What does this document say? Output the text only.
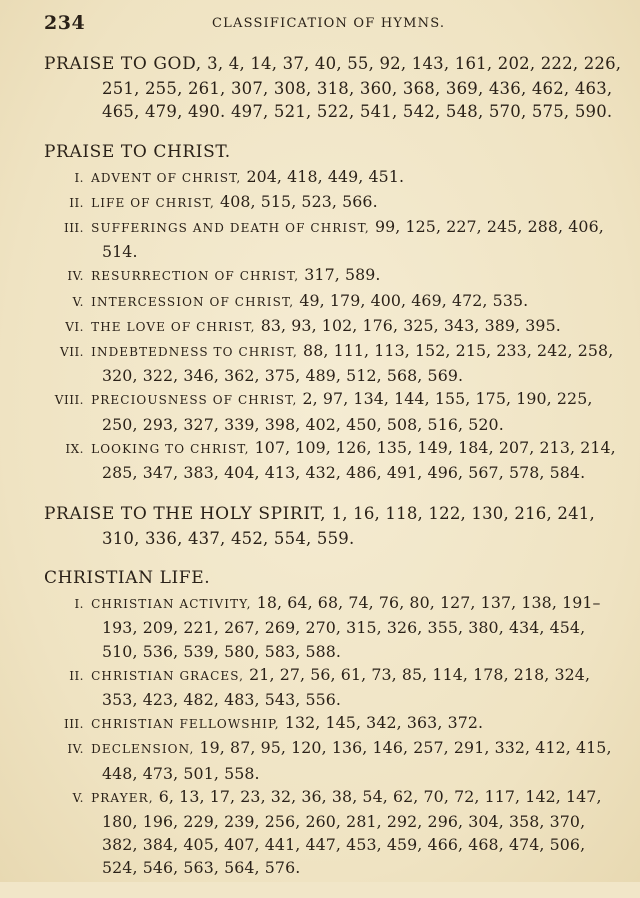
234	CLASSIFICATION OF HYMNS.
PRAISE TO GOD, 3, 4, 14, 37, 40, 55, 92, 143, 161, 202, 222, 226, 251, 255, 261, 307, 308, 318, 360, 368, 369, 436, 462, 463, 465, 479, 490. 497, 521, 522, 541, 542, 548, 570, 575, 590.
PRAISE TO CHRIST.
I. ADVENT OF CHRIST, 204, 418, 449, 451.
II. LIFE OF CHRIST, 408, 515, 523, 566.
III. SUFFERINGS AND DEATH OF CHRIST, 99, 125, 227, 245, 288, 406, 514.
IV. RESURRECTION OF CHRIST, 317, 589.
V. INTERCESSION OF CHRIST, 49, 179, 400, 469, 472, 535.
VI. THE LOVE OF CHRIST, 83, 93, 102, 176, 325, 343, 389, 395.
VII. INDEBTEDNESS TO CHRIST, 88, 111, 113, 152, 215, 233, 242, 258, 320, 322, 346, 362, 375, 489, 512, 568, 569.
VIII. PRECIOUSNESS OF CHRIST, 2, 97, 134, 144, 155, 175, 190, 225, 250, 293, 327, 339, 398, 402, 450, 508, 516, 520.
IX. LOOKING TO CHRIST, 107, 109, 126, 135, 149, 184, 207, 213, 214, 285, 347, 383, 404, 413, 432, 486, 491, 496, 567, 578, 584.
PRAISE TO THE HOLY SPIRIT, 1, 16, 118, 122, 130, 216, 241, 310, 336, 437, 452, 554, 559.
CHRISTIAN LIFE.
I. CHRISTIAN ACTIVITY, 18, 64, 68, 74, 76, 80, 127, 137, 138, 191–193, 209, 221, 267, 269, 270, 315, 326, 355, 380, 434, 454, 510, 536, 539, 580, 583, 588.
II. CHRISTIAN GRACES, 21, 27, 56, 61, 73, 85, 114, 178, 218, 324, 353, 423, 482, 483, 543, 556.
III. CHRISTIAN FELLOWSHIP, 132, 145, 342, 363, 372.
IV. DECLENSION, 19, 87, 95, 120, 136, 146, 257, 291, 332, 412, 415, 448, 473, 501, 558.
V. PRAYER, 6, 13, 17, 23, 32, 36, 38, 54, 62, 70, 72, 117, 142, 147, 180, 196, 229, 239, 256, 260, 281, 292, 296, 304, 358, 370, 382, 384, 405, 407, 441, 447, 453, 459, 466, 468, 474, 506, 524, 546, 563, 564, 576.
